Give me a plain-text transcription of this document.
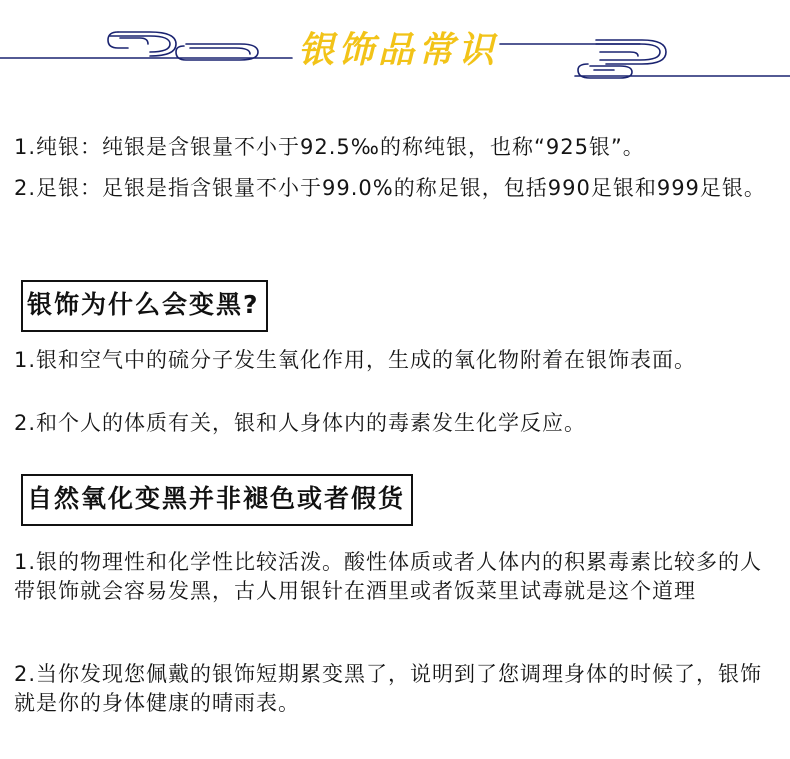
银饰品常识
1.纯银：纯银是含银量不小于92.5‰的称纯银，也称“925银”。
2.足银：足银是指含银量不小于99.0%的称足银，包括990足银和999足银。
银饰为什么会变黑?
1.银和空气中的硫分子发生氧化作用，生成的氧化物附着在银饰表面。
2.和个人的体质有关，银和人身体内的毒素发生化学反应。
自然氧化变黑并非褪色或者假货
1.银的物理性和化学性比较活泼。酸性体质或者人体内的积累毒素比较多的人带银饰就会容易发黑，古人用银针在酒里或者饭菜里试毒就是这个道理
2.当你发现您佩戴的银饰短期累变黑了，说明到了您调理身体的时候了，银饰就是你的身体健康的晴雨表。
